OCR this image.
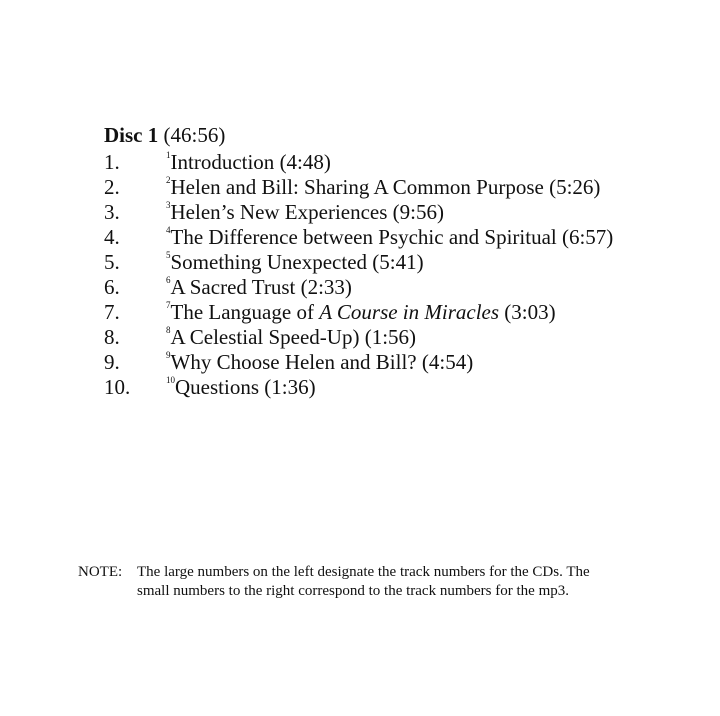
Disc 1 (46:56)
1.	$^1$Introduction (4:48)
2.	$^2$Helen and Bill: Sharing A Common Purpose (5:26)
3.	$^3$Helen’s New Experiences (9:56)
4.	$^4$The Difference between Psychic and Spiritual (6:57)
5.	$^5$Something Unexpected (5:41)
6.	$^6$A Sacred Trust (2:33)
7.	$^7$The Language of A Course in Miracles (3:03)
8.	$^8$A Celestial Speed-Up) (1:56)
9.	$^9$Why Choose Helen and Bill? (4:54)
10.	$^{10}$Questions (1:36)
NOTE: The large numbers on the left designate the track numbers for the CDs. The
small numbers to the right correspond to the track numbers for the mp3.
